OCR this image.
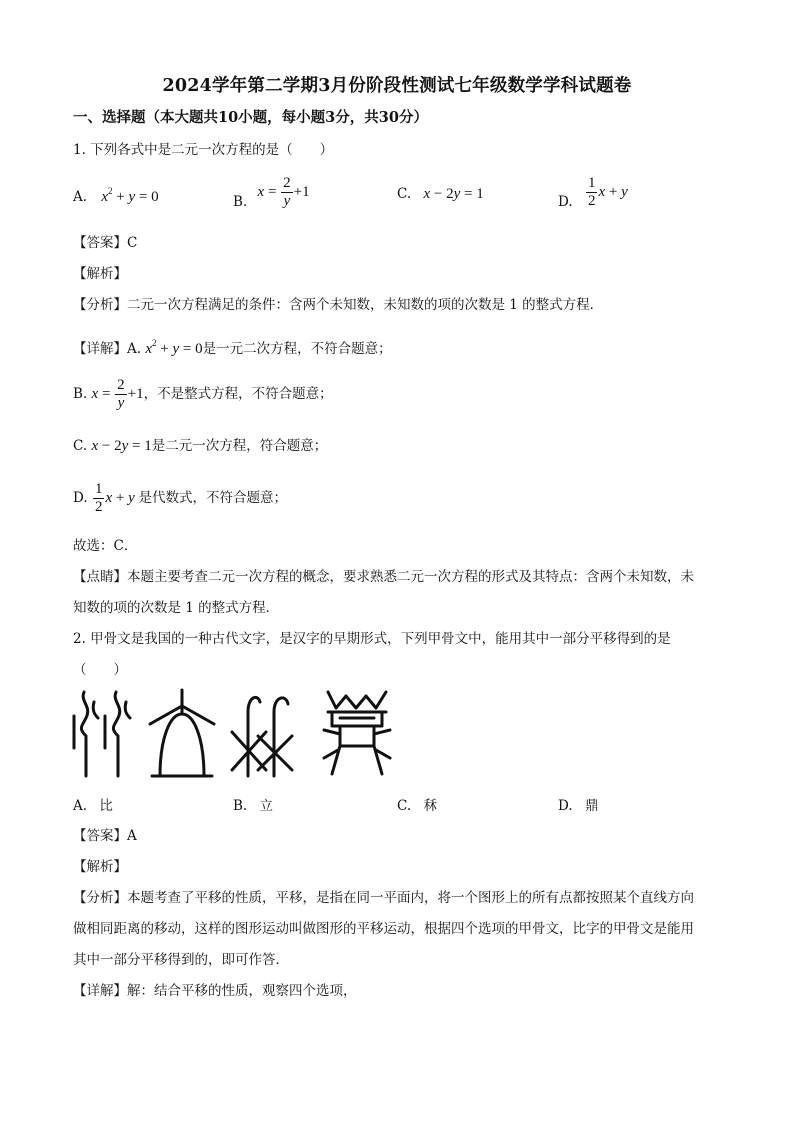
2024学年第二学期3月份阶段性测试七年级数学学科试题卷
一、选择题（本大题共10小题，每小题3分，共30分）
1. 下列各式中是二元一次方程的是（　　）
A. $x^2 + y = 0$	B. $x = \frac{2}{y} +1$	C. x − 2y = 1	D. $\frac{1}{2}$ x + y
【答案】C
【解析】
【分析】二元一次方程满足的条件：含两个未知数，未知数的项的次数是 1 的整式方程．
【详解】A. $x^2 + y = 0$是一元二次方程，不符合题意；
B. $x = \frac{2}{y} +1$，不是整式方程，不符合题意；
C. x − 2y = 1是二元一次方程，符合题意；
D. $\frac{1}{2}$ x + y 是代数式，不符合题意；
故选：C．
【点睛】本题主要考查二元一次方程的概念，要求熟悉二元一次方程的形式及其特点：含两个未知数，未
知数的项的次数是 1 的整式方程．
2. 甲骨文是我国的一种古代文字，是汉字的早期形式，下列甲骨文中，能用其中一部分平移得到的是
（　　）
A. 比	B. 立	C. 秝	D. 鼎
【答案】A
【解析】
【分析】本题考查了平移的性质，平移，是指在同一平面内，将一个图形上的所有点都按照某个直线方向
做相同距离的移动，这样的图形运动叫做图形的平移运动，根据四个选项的甲骨文，比字的甲骨文是能用
其中一部分平移得到的，即可作答．
【详解】解：结合平移的性质，观察四个选项，
